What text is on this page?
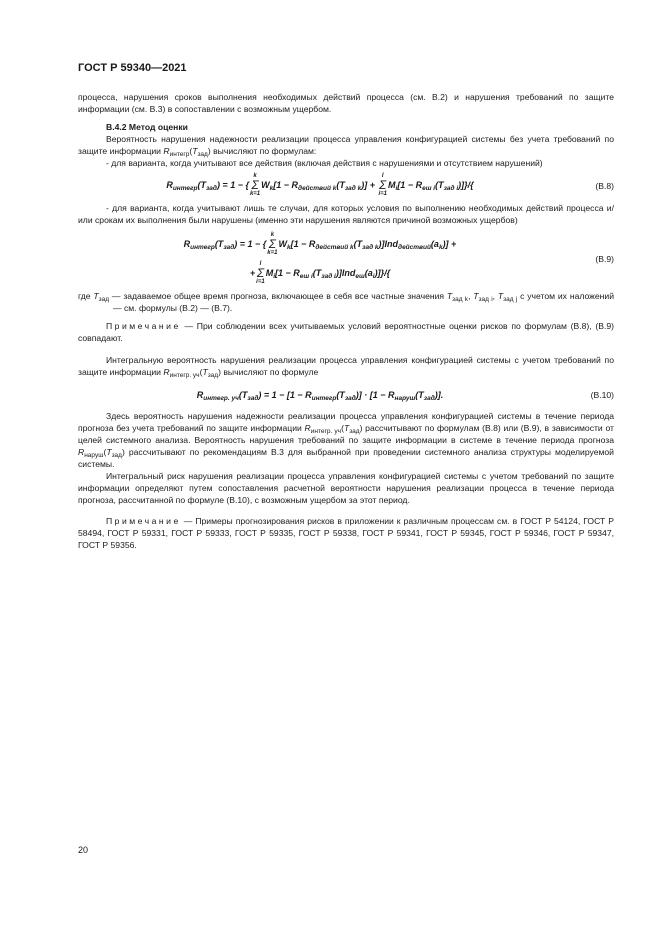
ГОСТ Р 59340—2021

процесса, нарушения сроков выполнения необходимых действий процесса (см. В.2) и нарушения требований по защите информации (см. В.3) в сопоставлении с возможным ущербом.

В.4.2 Метод оценки

Вероятность нарушения надежности реализации процесса управления конфигурацией системы без учета требований по защите информации $R_{интегр}(T_{зад})$ вычисляют по формулам:

- для варианта, когда учитывают все действия (включая действия с нарушениями и отсутствием нарушений)

$R_{интегр}(T_{зад}) = 1 - \{k$
Σ
$k=1W_k[1 - R_{действий k}(T_{зад k})] + l$
Σ
$i=1M_i[1 - R_{еш i}(T_{зад i})]\}/${	(В.8)

- для варианта, когда учитывают лишь те случаи, для которых условия по выполнению необходимых действий процесса и/или срокам их выполнения были нарушены (именно эти нарушения являются причиной возможных ущербов)

$R_{интегр}(T_{зад}) = 1 - \{k$
Σ
$k=1W_k[1 - R_{действий k}(T_{зад k})]Ind_{действий}(a_k)$] +
+l
Σ
$i=1M_i[1 - R_{еш i}(T_{зад i})]Ind_{еш}(a_i)]\}/${
(В.9)

где $T_{зад}$ — задаваемое общее время прогноза, включающее в себя все частные значения $T_{зад k}$, $T_{зад i}$, $T_{зад j}$ с учетом их наложений — см. формулы (В.2) — (В.7).

Примечание — При соблюдении всех учитываемых условий вероятностные оценки рисков по формулам (В.8), (В.9) совпадают.

Интегральную вероятность нарушения реализации процесса управления конфигурацией системы с учетом требований по защите информации $R_{интегр. уч}(T_{зад})$ вычисляют по формуле

$R_{интегр. уч}(T_{зад}) = 1 - [1 - R_{интегр}(T_{зад})] \cdot [1 - R_{наруш}(T_{зад})]$.	(В.10)

Здесь вероятность нарушения надежности реализации процесса управления конфигурацией системы в течение периода прогноза без учета требований по защите информации $R_{интегр. уч}(T_{зад})$ рассчитывают по формулам (В.8) или (В.9), в зависимости от целей системного анализа. Вероятность нарушения требований по защите информации в системе в течение периода прогноза $R_{наруш}(T_{зад})$ рассчитывают по рекомендациям В.3 для выбранной при проведении системного анализа структуры моделируемой системы.

Интегральный риск нарушения реализации процесса управления конфигурацией системы с учетом требований по защите информации определяют путем сопоставления расчетной вероятности нарушения реализации процесса в течение периода прогноза, рассчитанной по формуле (В.10), с возможным ущербом за этот период.

Примечание — Примеры прогнозирования рисков в приложении к различным процессам см. в ГОСТ Р 54124, ГОСТ Р 58494, ГОСТ Р 59331, ГОСТ Р 59333, ГОСТ Р 59335, ГОСТ Р 59338, ГОСТ Р 59341, ГОСТ Р 59345, ГОСТ Р 59346, ГОСТ Р 59347, ГОСТ Р 59356.

20
